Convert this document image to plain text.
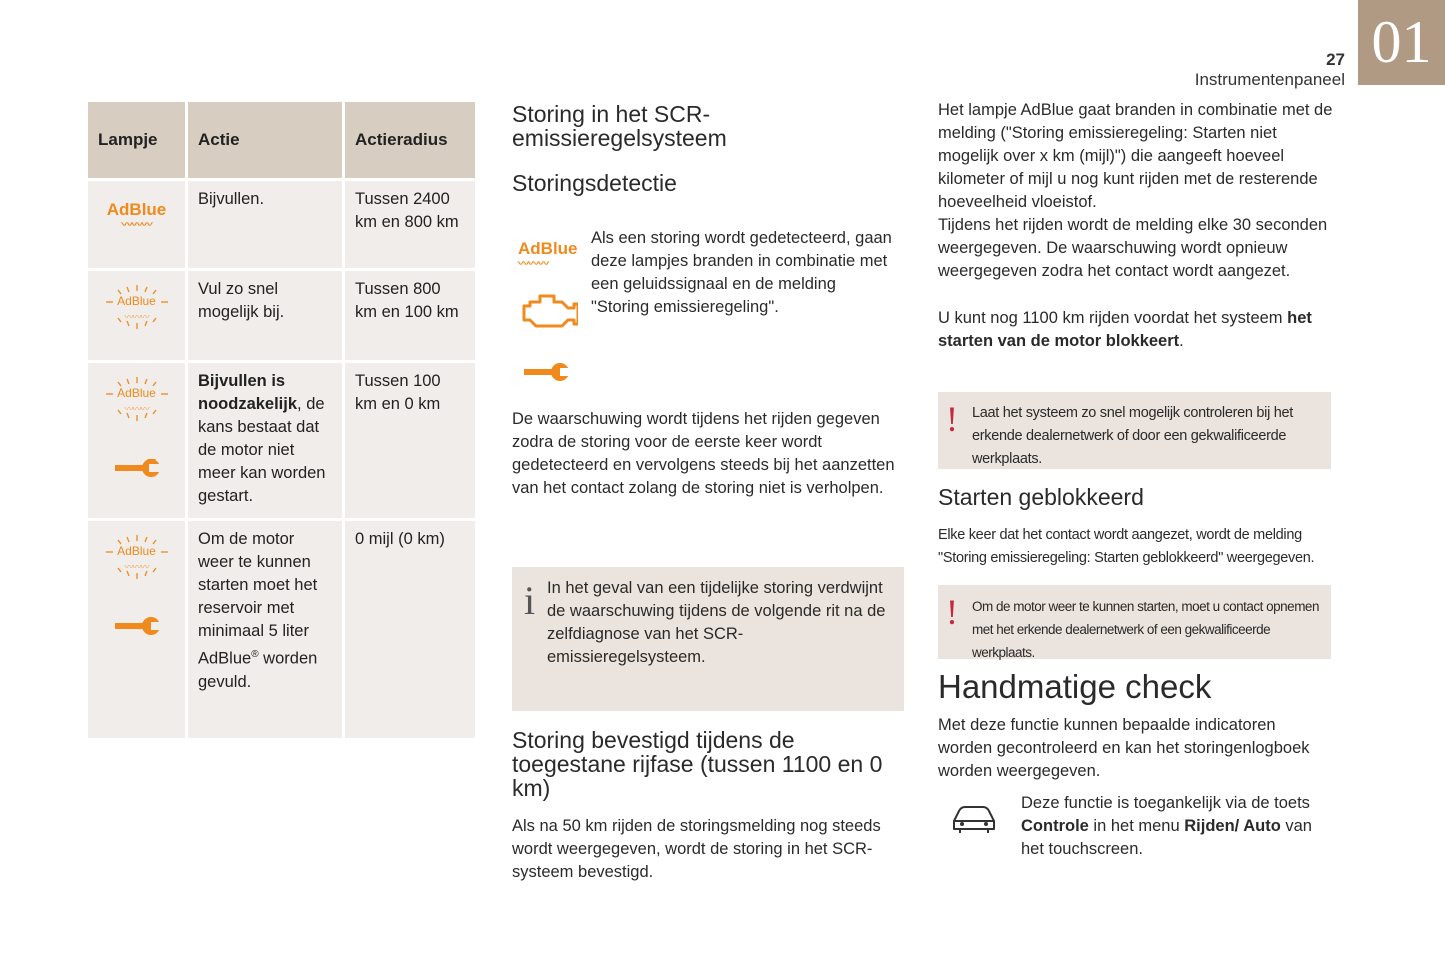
01
27
Instrumentenpaneel
Lampje	Actie	Actieradius

AdBlue
〰〰〰	Bijvullen.	Tussen 2400 km en 800 km

AdBlue
〰〰〰	Vul zo snel mogelijk bij.	Tussen 800 km en 100 km

AdBlue
〰〰〰	Bijvullen is noodzakelijk, de kans bestaat dat de motor niet meer kan worden gestart.	Tussen 100 km en 0 km

AdBlue
〰〰〰	Om de motor weer te kunnen starten moet het reservoir met minimaal 5 liter AdBlue® worden gevuld.	0 mijl (0 km)
Storing in het SCR-emissieregelsysteem
Storingsdetectie
AdBlue
〰〰〰
Als een storing wordt gedetecteerd, gaan deze lampjes branden in combinatie met een geluidssignaal en de melding "Storing emissieregeling".
De waarschuwing wordt tijdens het rijden gegeven zodra de storing voor de eerste keer wordt gedetecteerd en vervolgens steeds bij het aanzetten van het contact zolang de storing niet is verholpen.
i In het geval van een tijdelijke storing verdwijnt de waarschuwing tijdens de volgende rit na de zelfdiagnose van het SCR-emissieregelsysteem.
Storing bevestigd tijdens de toegestane rijfase (tussen 1100 en 0 km)
Als na 50 km rijden de storingsmelding nog steeds wordt weergegeven, wordt de storing in het SCR-systeem bevestigd.
Het lampje AdBlue gaat branden in combinatie met de melding ("Storing emissieregeling: Starten niet mogelijk over x km (mijl)") die aangeeft hoeveel kilometer of mijl u nog kunt rijden met de resterende hoeveelheid vloeistof.
Tijdens het rijden wordt de melding elke 30 seconden weergegeven. De waarschuwing wordt opnieuw weergegeven zodra het contact wordt aangezet.
U kunt nog 1100 km rijden voordat het systeem het starten van de motor blokkeert.
! Laat het systeem zo snel mogelijk controleren bij het erkende dealernetwerk of door een gekwalificeerde werkplaats.
Starten geblokkeerd
Elke keer dat het contact wordt aangezet, wordt de melding "Storing emissieregeling: Starten geblokkeerd" weergegeven.
! Om de motor weer te kunnen starten, moet u contact opnemen met het erkende dealernetwerk of een gekwalificeerde werkplaats.
Handmatige check
Met deze functie kunnen bepaalde indicatoren worden gecontroleerd en kan het storingenlogboek worden weergegeven.
Deze functie is toegankelijk via de toets Controle in het menu Rijden/ Auto van het touchscreen.
